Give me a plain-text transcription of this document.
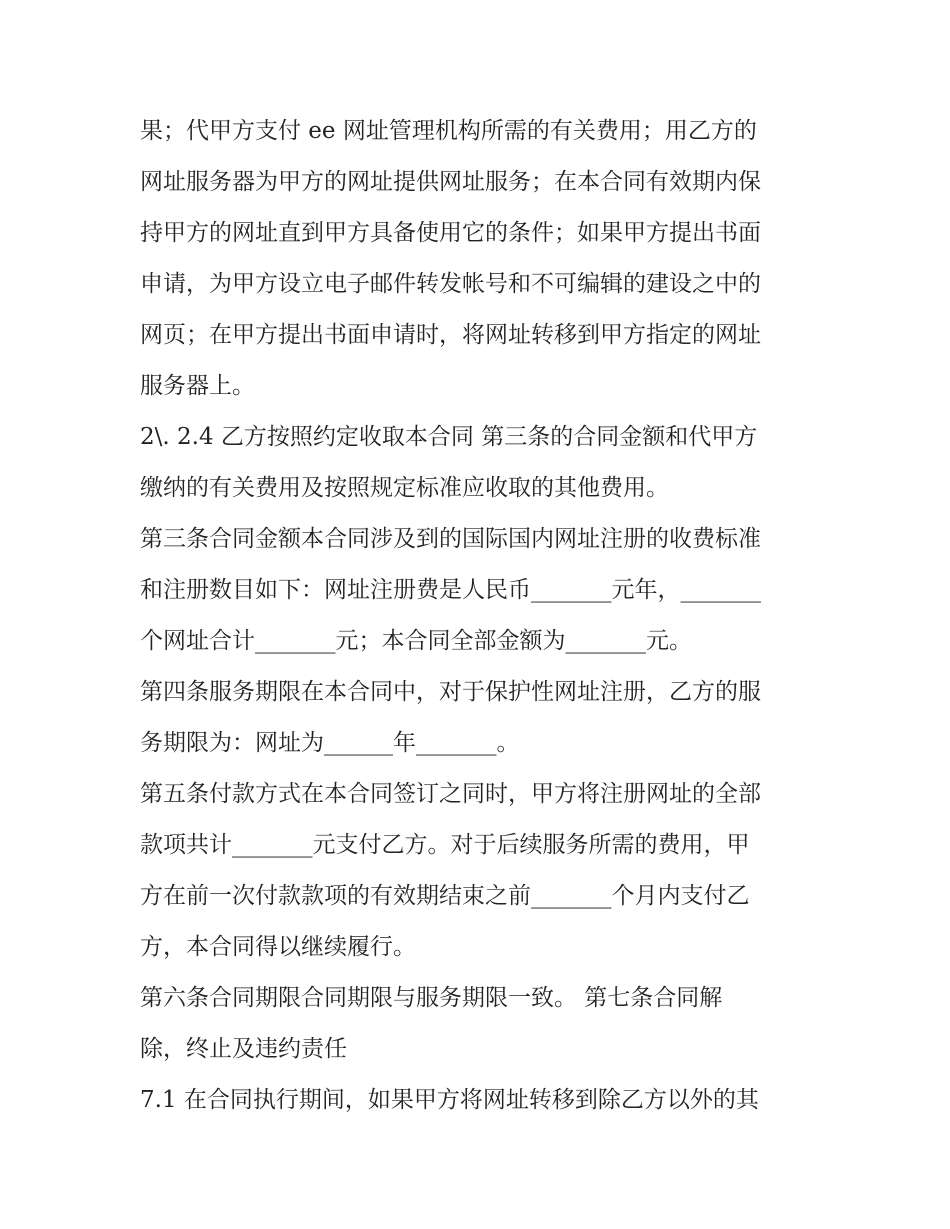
果；代甲方支付 ee 网址管理机构所需的有关费用；用乙方的
网址服务器为甲方的网址提供网址服务；在本合同有效期内保
持甲方的网址直到甲方具备使用它的条件；如果甲方提出书面
申请，为甲方设立电子邮件转发帐号和不可编辑的建设之中的
网页；在甲方提出书面申请时，将网址转移到甲方指定的网址
服务器上。
2\. 2.4 乙方按照约定收取本合同 第三条的合同金额和代甲方
缴纳的有关费用及按照规定标准应收取的其他费用。
第三条合同金额本合同涉及到的国际国内网址注册的收费标准
和注册数目如下：网址注册费是人民币_______元年，_______
个网址合计_______元；本合同全部金额为_______元。
第四条服务期限在本合同中，对于保护性网址注册，乙方的服
务期限为：网址为______年_______。
第五条付款方式在本合同签订之同时，甲方将注册网址的全部
款项共计_______元支付乙方。对于后续服务所需的费用，甲
方在前一次付款款项的有效期结束之前_______个月内支付乙
方，本合同得以继续履行。
第六条合同期限合同期限与服务期限一致。 第七条合同解
除，终止及违约责任
7.1 在合同执行期间，如果甲方将网址转移到除乙方以外的其
